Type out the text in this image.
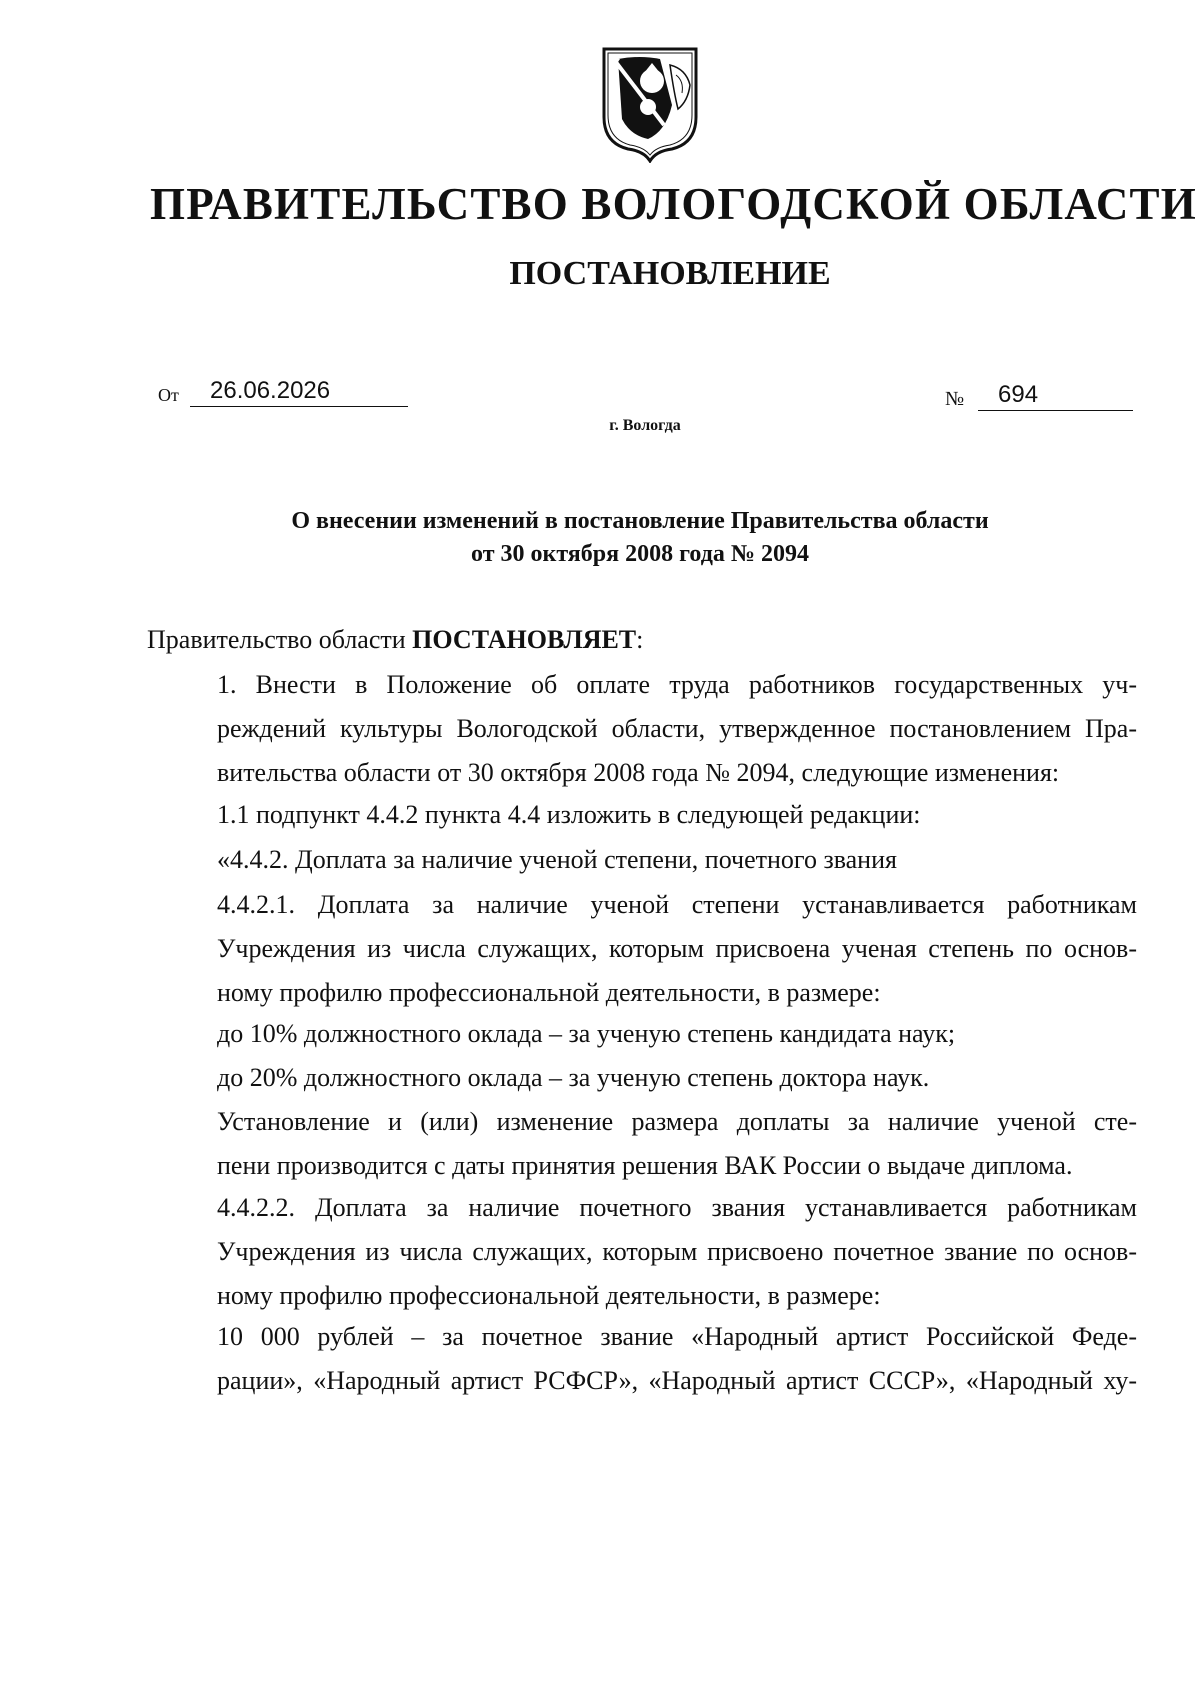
ПРАВИТЕЛЬСТВО ВОЛОГОДСКОЙ ОБЛАСТИ
ПОСТАНОВЛЕНИЕ
От	26.06.2026	№	694
г. Вологда
О внесении изменений в постановление Правительства области
от 30 октября 2008 года № 2094
Правительство области ПОСТАНОВЛЯЕТ:
1. Внести в Положение об оплате труда работников государственных уч-
реждений культуры Вологодской области, утвержденное постановлением Пра-
вительства области от 30 октября 2008 года № 2094, следующие изменения:
1.1 подпункт 4.4.2 пункта 4.4 изложить в следующей редакции:
«4.4.2. Доплата за наличие ученой степени, почетного звания
4.4.2.1. Доплата за наличие ученой степени устанавливается работникам
Учреждения из числа служащих, которым присвоена ученая степень по основ-
ному профилю профессиональной деятельности, в размере:
до 10% должностного оклада – за ученую степень кандидата наук;
до 20% должностного оклада – за ученую степень доктора наук.
Установление и (или) изменение размера доплаты за наличие ученой сте-
пени производится с даты принятия решения ВАК России о выдаче диплома.
4.4.2.2. Доплата за наличие почетного звания устанавливается работникам
Учреждения из числа служащих, которым присвоено почетное звание по основ-
ному профилю профессиональной деятельности, в размере:
10 000 рублей – за почетное звание «Народный артист Российской Феде-
рации», «Народный артист РСФСР», «Народный артист СССР», «Народный ху-
